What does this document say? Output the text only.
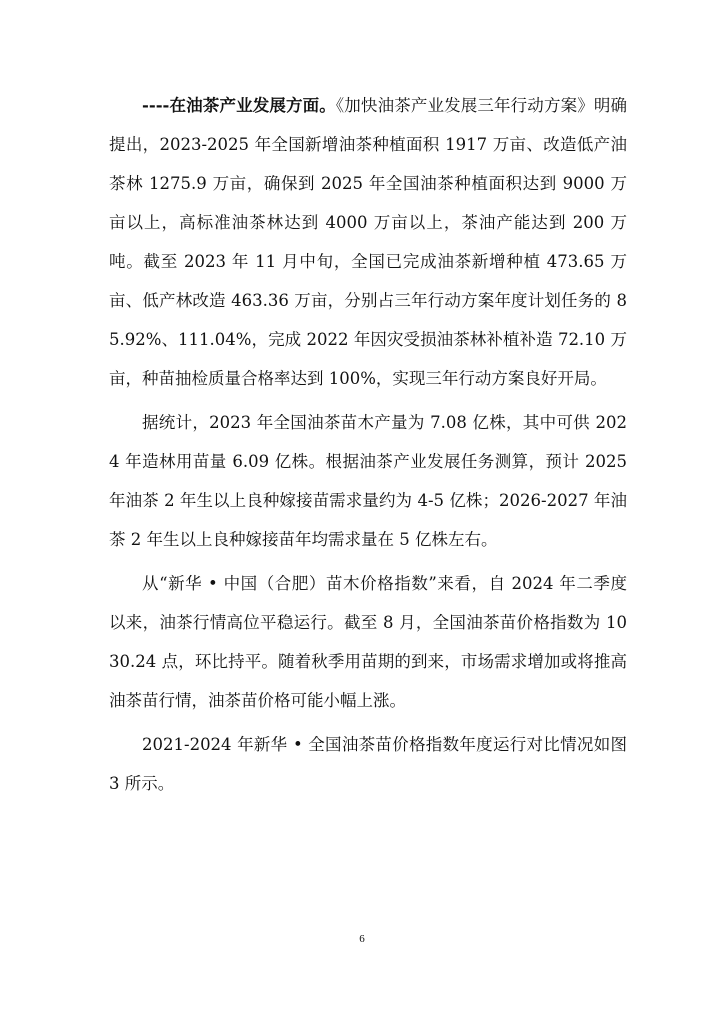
----在油茶产业发展方面。《加快油茶产业发展三年行动方案》明确提出，2023-2025 年全国新增油茶种植面积 1917 万亩、改造低产油茶林 1275.9 万亩，确保到 2025 年全国油茶种植面积达到 9000 万亩以上，高标准油茶林达到 4000 万亩以上，茶油产能达到 200 万吨。截至 2023 年 11 月中旬，全国已完成油茶新增种植 473.65 万亩、低产林改造 463.36 万亩，分别占三年行动方案年度计划任务的 85.92%、111.04%，完成 2022 年因灾受损油茶林补植补造 72.10 万亩，种苗抽检质量合格率达到 100%，实现三年行动方案良好开局。

据统计，2023 年全国油茶苗木产量为 7.08 亿株，其中可供 2024 年造林用苗量 6.09 亿株。根据油茶产业发展任务测算，预计 2025 年油茶 2 年生以上良种嫁接苗需求量约为 4-5 亿株；2026-2027 年油茶 2 年生以上良种嫁接苗年均需求量在 5 亿株左右。

从“新华 • 中国（合肥）苗木价格指数”来看，自 2024 年二季度以来，油茶行情高位平稳运行。截至 8 月，全国油茶苗价格指数为 1030.24 点，环比持平。随着秋季用苗期的到来，市场需求增加或将推高油茶苗行情，油茶苗价格可能小幅上涨。

2021-2024 年新华 • 全国油茶苗价格指数年度运行对比情况如图 3 所示。

6
